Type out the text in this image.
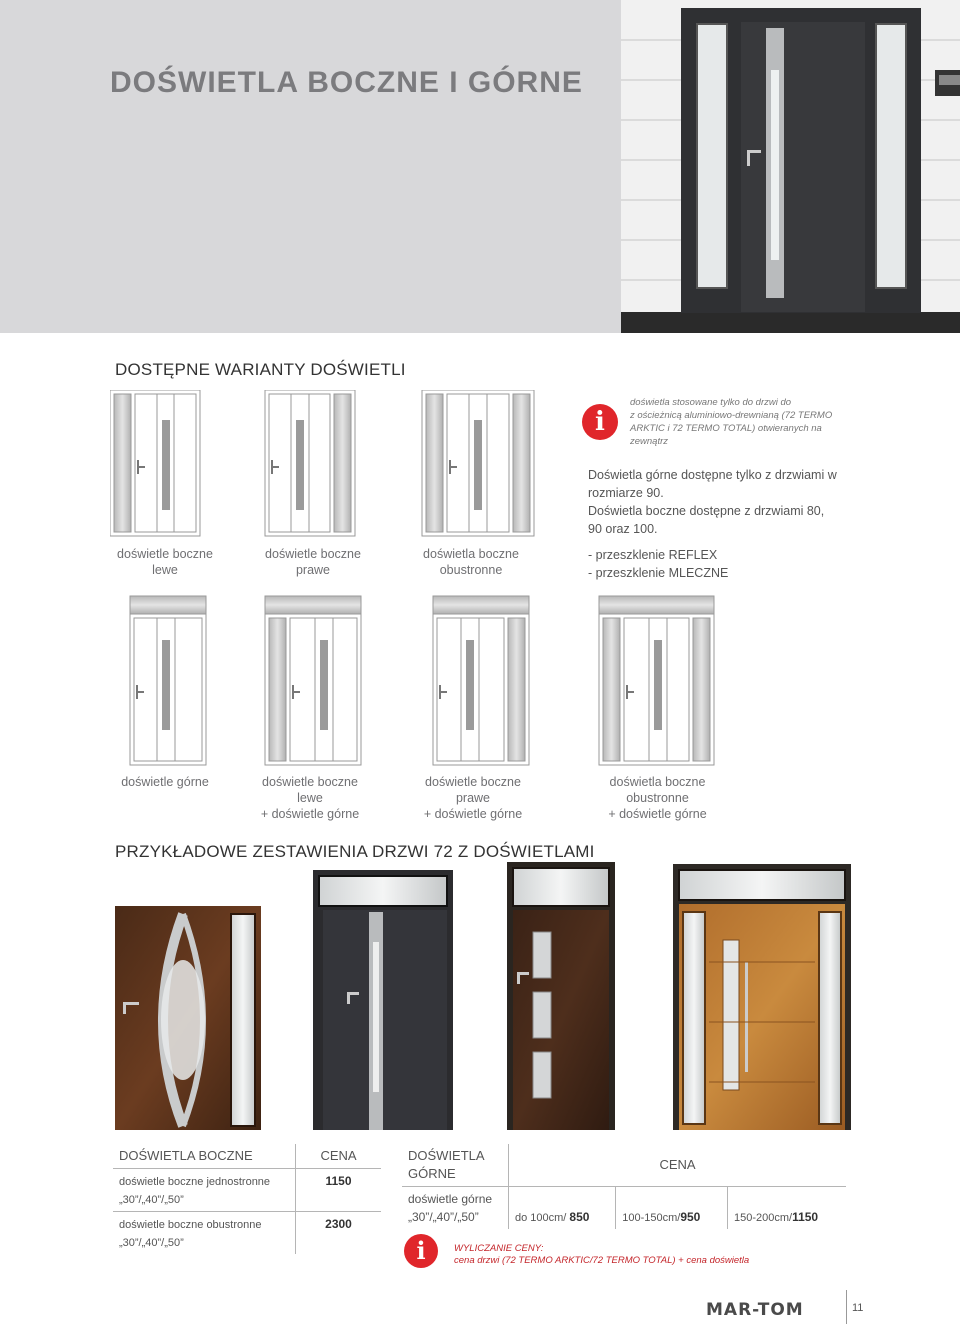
DOŚWIETLA BOCZNE I GÓRNE
DOSTĘPNE WARIANTY DOŚWIETLI
doświetle boczne
lewe
doświetle boczne
prawe
doświetla boczne
obustronne
i
doświetla stosowane tylko do drzwi do
z ościeżnicą aluminiowo-drewnianą (72 TERMO
ARKTIC i 72 TERMO TOTAL) otwieranych na
zewnątrz
Doświetla górne dostępne tylko z drzwiami w
rozmiarze 90.
Doświetla boczne dostępne z drzwiami 80,
90 oraz 100.
- przeszklenie REFLEX
- przeszklenie MLECZNE
doświetle górne	doświetle boczne
lewe
+ doświetle górne
doświetle boczne
prawe
+ doświetle górne
doświetla boczne
obustronne
+ doświetle górne
PRZYKŁADOWE ZESTAWIENIA DRZWI 72 Z DOŚWIETLAMI
DOŚWIETLA BOCZNE	CENA
doświetle boczne jednostronne
„30”/„40”/„50”	1150
doświetle boczne obustronne
„30”/„40”/„50”	2300
DOŚWIETLA
GÓRNE	CENA		
doświetle górne
„30”/„40”/„50”	do 100cm/ 850	100-150cm/950	150-200cm/1150
i	WYLICZANIE CENY:
cena drzwi (72 TERMO ARKTIC/72 TERMO TOTAL) + cena doświetla
MAR-TOM	11
